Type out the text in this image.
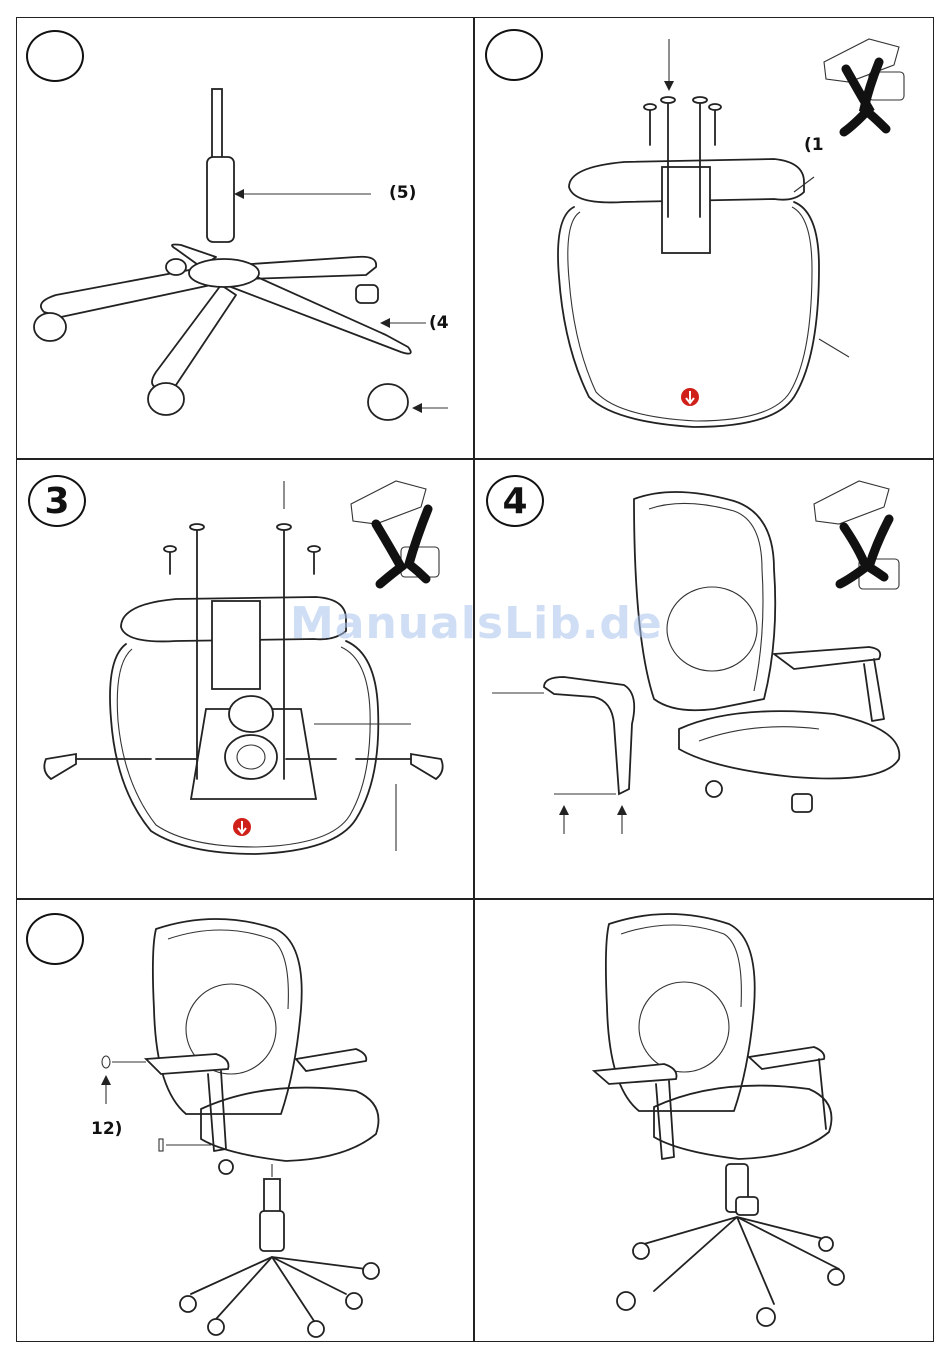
(5)
(4
(1
3	4
12)
ManualsLib.de
